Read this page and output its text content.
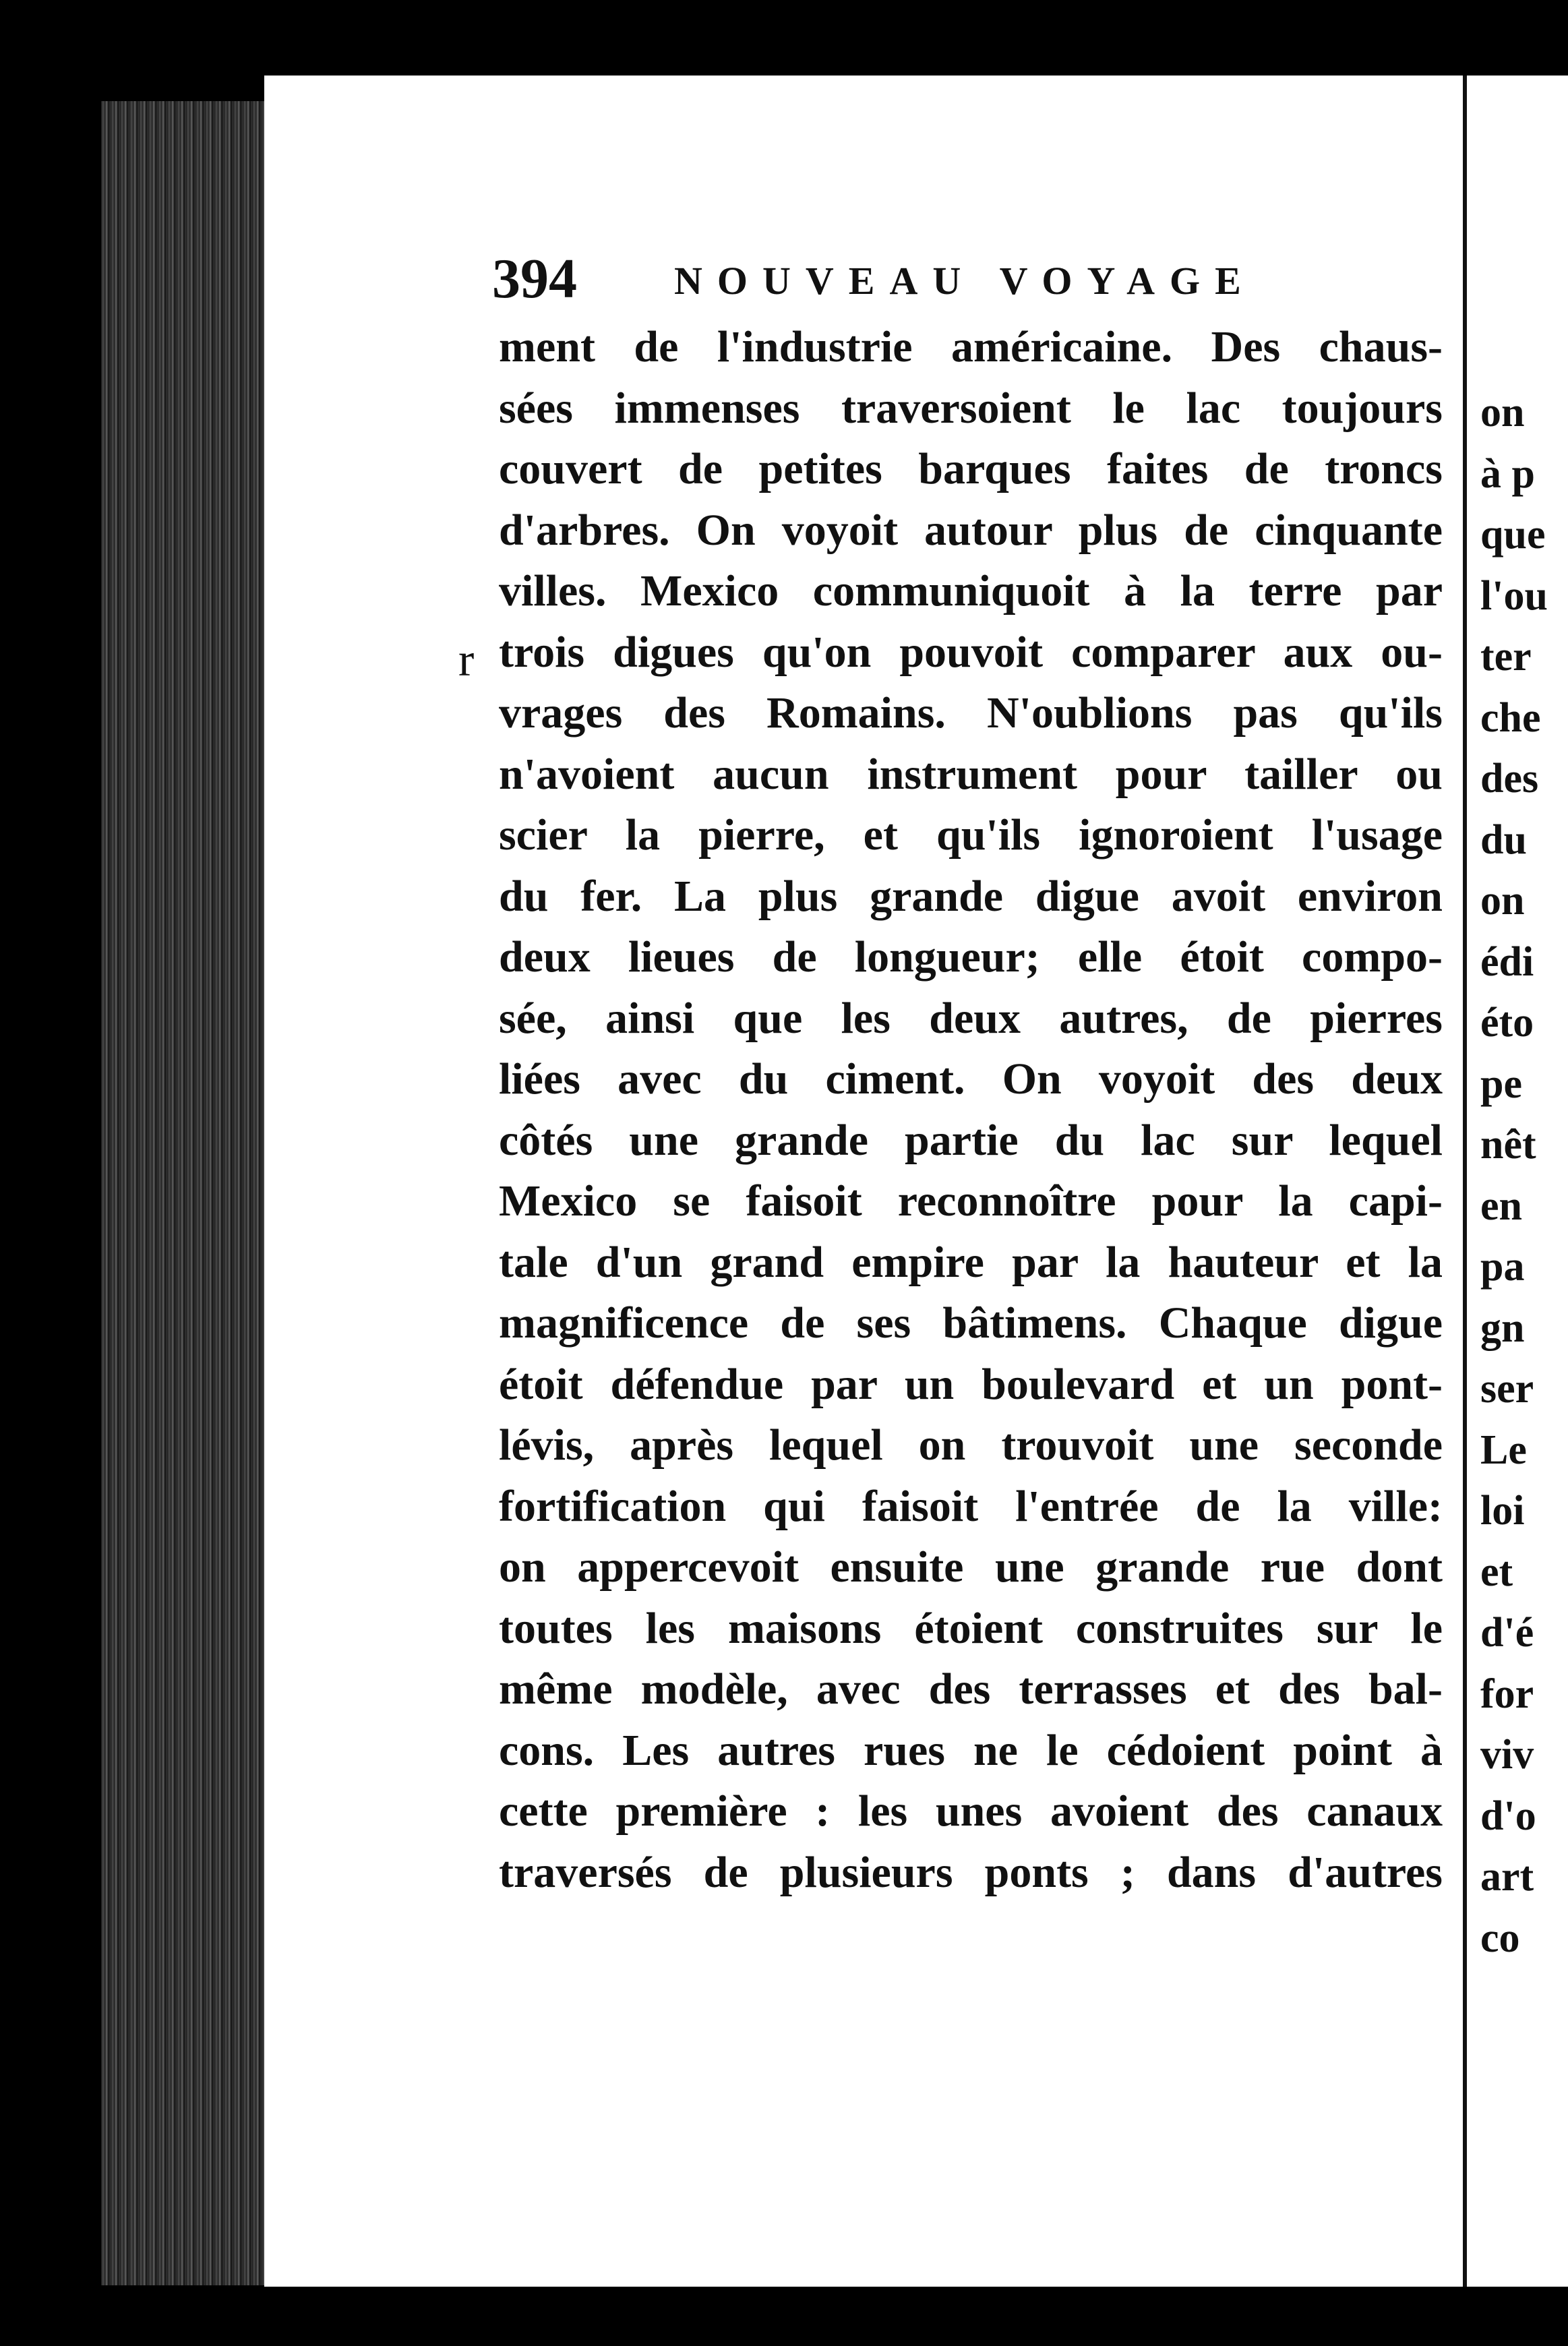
on
à p
que
l'ou
ter
che
des
du
on
édi
éto
pe
nêt
en
pa
gn
ser
Le
loi
et
d'é
for
viv
d'o
art
co
394 NOUVEAU VOYAGE
r
ment de l'industrie américaine. Des chaus-
sées immenses traversoient le lac toujours
couvert de petites barques faites de troncs
d'arbres. On voyoit autour plus de cinquante
villes. Mexico communiquoit à la terre par
trois digues qu'on pouvoit comparer aux ou-
vrages des Romains. N'oublions pas qu'ils
n'avoient aucun instrument pour tailler ou
scier la pierre, et qu'ils ignoroient l'usage
du fer. La plus grande digue avoit environ
deux lieues de longueur; elle étoit compo-
sée, ainsi que les deux autres, de pierres
liées avec du ciment. On voyoit des deux
côtés une grande partie du lac sur lequel
Mexico se faisoit reconnoître pour la capi-
tale d'un grand empire par la hauteur et la
magnificence de ses bâtimens. Chaque digue
étoit défendue par un boulevard et un pont-
lévis, après lequel on trouvoit une seconde
fortification qui faisoit l'entrée de la ville:
on appercevoit ensuite une grande rue dont
toutes les maisons étoient construites sur le
même modèle, avec des terrasses et des bal-
cons. Les autres rues ne le cédoient point à
cette première : les unes avoient des canaux
traversés de plusieurs ponts ; dans d'autres
